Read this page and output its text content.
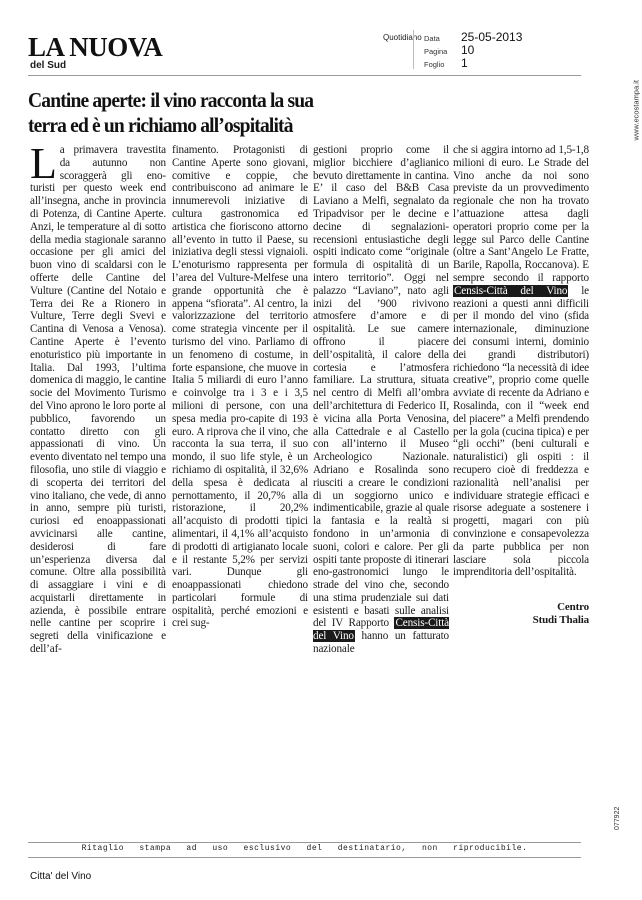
LA NUOVA
del Sud
Quotidiano Data	25-05-2013
Pagina	10
Foglio	1
www.ecostampa.it
077922
Cantine aperte: il vino racconta la sua
terra ed è un richiamo all’ospitalità

La primavera travestita da autunno non scoraggerà gli eno-turisti per questo week end all’insegna, anche in provincia di Potenza, di Cantine Aperte. Anzi, le temperature al di sotto della media stagionale saranno occasione per gli amici del buon vino di scaldarsi con le offerte delle Cantine del Vulture (Cantine del Notaio e Terra dei Re a Rionero in Vulture, Terre degli Svevi e Cantina di Venosa a Venosa). Cantine Aperte è l’evento enoturistico più importante in Italia. Dal 1993, l’ultima domenica di maggio, le cantine socie del Movimento Turismo del Vino aprono le loro porte al pubblico, favorendo un contatto diretto con gli appassionati di vino. Un evento diventato nel tempo una filosofia, uno stile di viaggio e di scoperta dei territori del vino italiano, che vede, di anno in anno, sempre più turisti, curiosi ed enoappassionati avvicinarsi alle cantine, desiderosi di fare un’esperienza diversa dal comune. Oltre alla possibilità di assaggiare i vini e di acquistarli direttamente in azienda, è possibile entrare nelle cantine per scoprire i segreti della vinificazione e dell’af-

finamento. Protagonisti di Cantine Aperte sono giovani, comitive e coppie, che contribuiscono ad animare le innumerevoli iniziative di cultura gastronomica ed artistica che fioriscono attorno all’evento in tutto il Paese, su iniziativa degli stessi vignaioli. L’enoturismo rappresenta per l’area del Vulture-Melfese una grande opportunità che è appena “sfiorata”. Al centro, la valorizzazione del territorio come strategia vincente per il turismo del vino. Parliamo di un fenomeno di costume, in forte espansione, che muove in Italia 5 miliardi di euro l’anno e coinvolge tra i 3 e i 3,5 milioni di persone, con una spesa media pro-capite di 193 euro. A riprova che il vino, che racconta la sua terra, il suo mondo, il suo life style, è un richiamo di ospitalità, il 32,6% della spesa è dedicata al pernottamento, il 20,7% alla ristorazione, il 20,2% all’acquisto di prodotti tipici alimentari, il 4,1% all’acquisto di prodotti di artigianato locale e il restante 5,2% per servizi vari. Dunque gli enoappassionati chiedono particolari formule di ospitalità, perché emozioni e crei sug-

gestioni proprio come il miglior bicchiere d’aglianico bevuto direttamente in cantina. E’ il caso del B&B Casa Laviano a Melfi, segnalato da Tripadvisor per le decine e decine di segnalazioni-recensioni entusiastiche degli ospiti indicato come “originale formula di ospitalità di un intero territorio”. Oggi nel palazzo “Laviano”, nato agli inizi del ’900 rivivono atmosfere d’amore e di ospitalità. Le sue camere offrono il piacere dell’ospitalità, il calore della cortesia e l’atmosfera familiare. La struttura, situata nel centro di Melfi all’ombra dell’architettura di Federico II, è vicina alla Porta Venosina, alla Cattedrale e al Castello con all’interno il Museo Archeologico Nazionale. Adriano e Rosalinda sono riusciti a creare le condizioni di un soggiorno unico e indimenticabile, grazie al quale la fantasia e la realtà si fondono in un’armonia di suoni, colori e calore. Per gli ospiti tante proposte di itinerari eno-gastronomici lungo le strade del vino che, secondo una stima prudenziale sui dati esistenti e basati sulle analisi del IV Rapporto Censis-Città del Vino hanno un fatturato nazionale

che si aggira intorno ad 1,5-1,8 milioni di euro. Le Strade del Vino anche da noi sono previste da un provvedimento regionale che non ha trovato l’attuazione attesa dagli operatori proprio come per la legge sul Parco delle Cantine (oltre a Sant’Angelo Le Fratte, Barile, Rapolla, Roccanova). E sempre secondo il rapporto Censis-Città del Vino le reazioni a questi anni difficili per il mondo del vino (sfida internazionale, diminuzione dei consumi interni, dominio dei grandi distributori) richiedono “la necessità di idee creative”, proprio come quelle avviate di recente da Adriano e Rosalinda, con il “week end del piacere” a Melfi prendendo per la gola (cucina tipica) e per “gli occhi” (beni culturali e naturalistici) gli ospiti : il recupero cioè di freddezza e razionalità nell’analisi per individuare strategie efficaci e risorse adeguate a sostenere i progetti, magari con più convinzione e consapevolezza da parte pubblica per non lasciare sola piccola imprenditoria dell’ospitalità.

Centro
Studi Thalia
Ritaglio stampa ad uso esclusivo del destinatario, non riproducibile.
Citta' del Vino
